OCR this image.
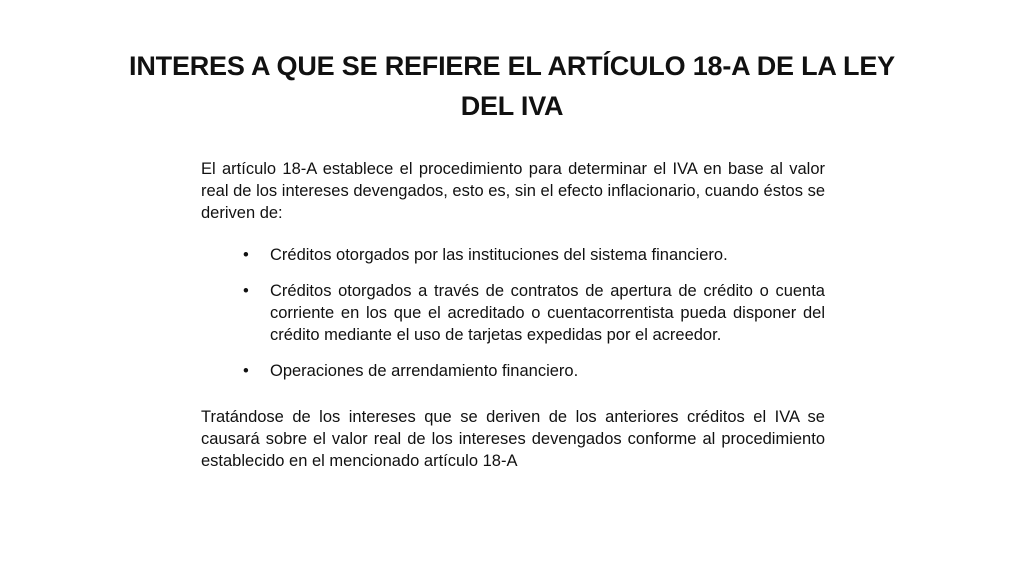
INTERES A QUE SE REFIERE EL ARTÍCULO 18-A DE LA LEY DEL IVA

El artículo 18-A establece el procedimiento para determinar el IVA en base al valor real de los intereses devengados, esto es, sin el efecto inflacionario, cuando éstos se deriven de:

• Créditos otorgados por las instituciones del sistema financiero.
• Créditos otorgados a través de contratos de apertura de crédito o cuenta corriente en los que el acreditado o cuentacorrentista pueda disponer del crédito mediante el uso de tarjetas expedidas por el acreedor.
• Operaciones de arrendamiento financiero.

Tratándose de los intereses que se deriven de los anteriores créditos el IVA se causará sobre el valor real de los intereses devengados conforme al procedimiento establecido en el mencionado artículo 18-A
